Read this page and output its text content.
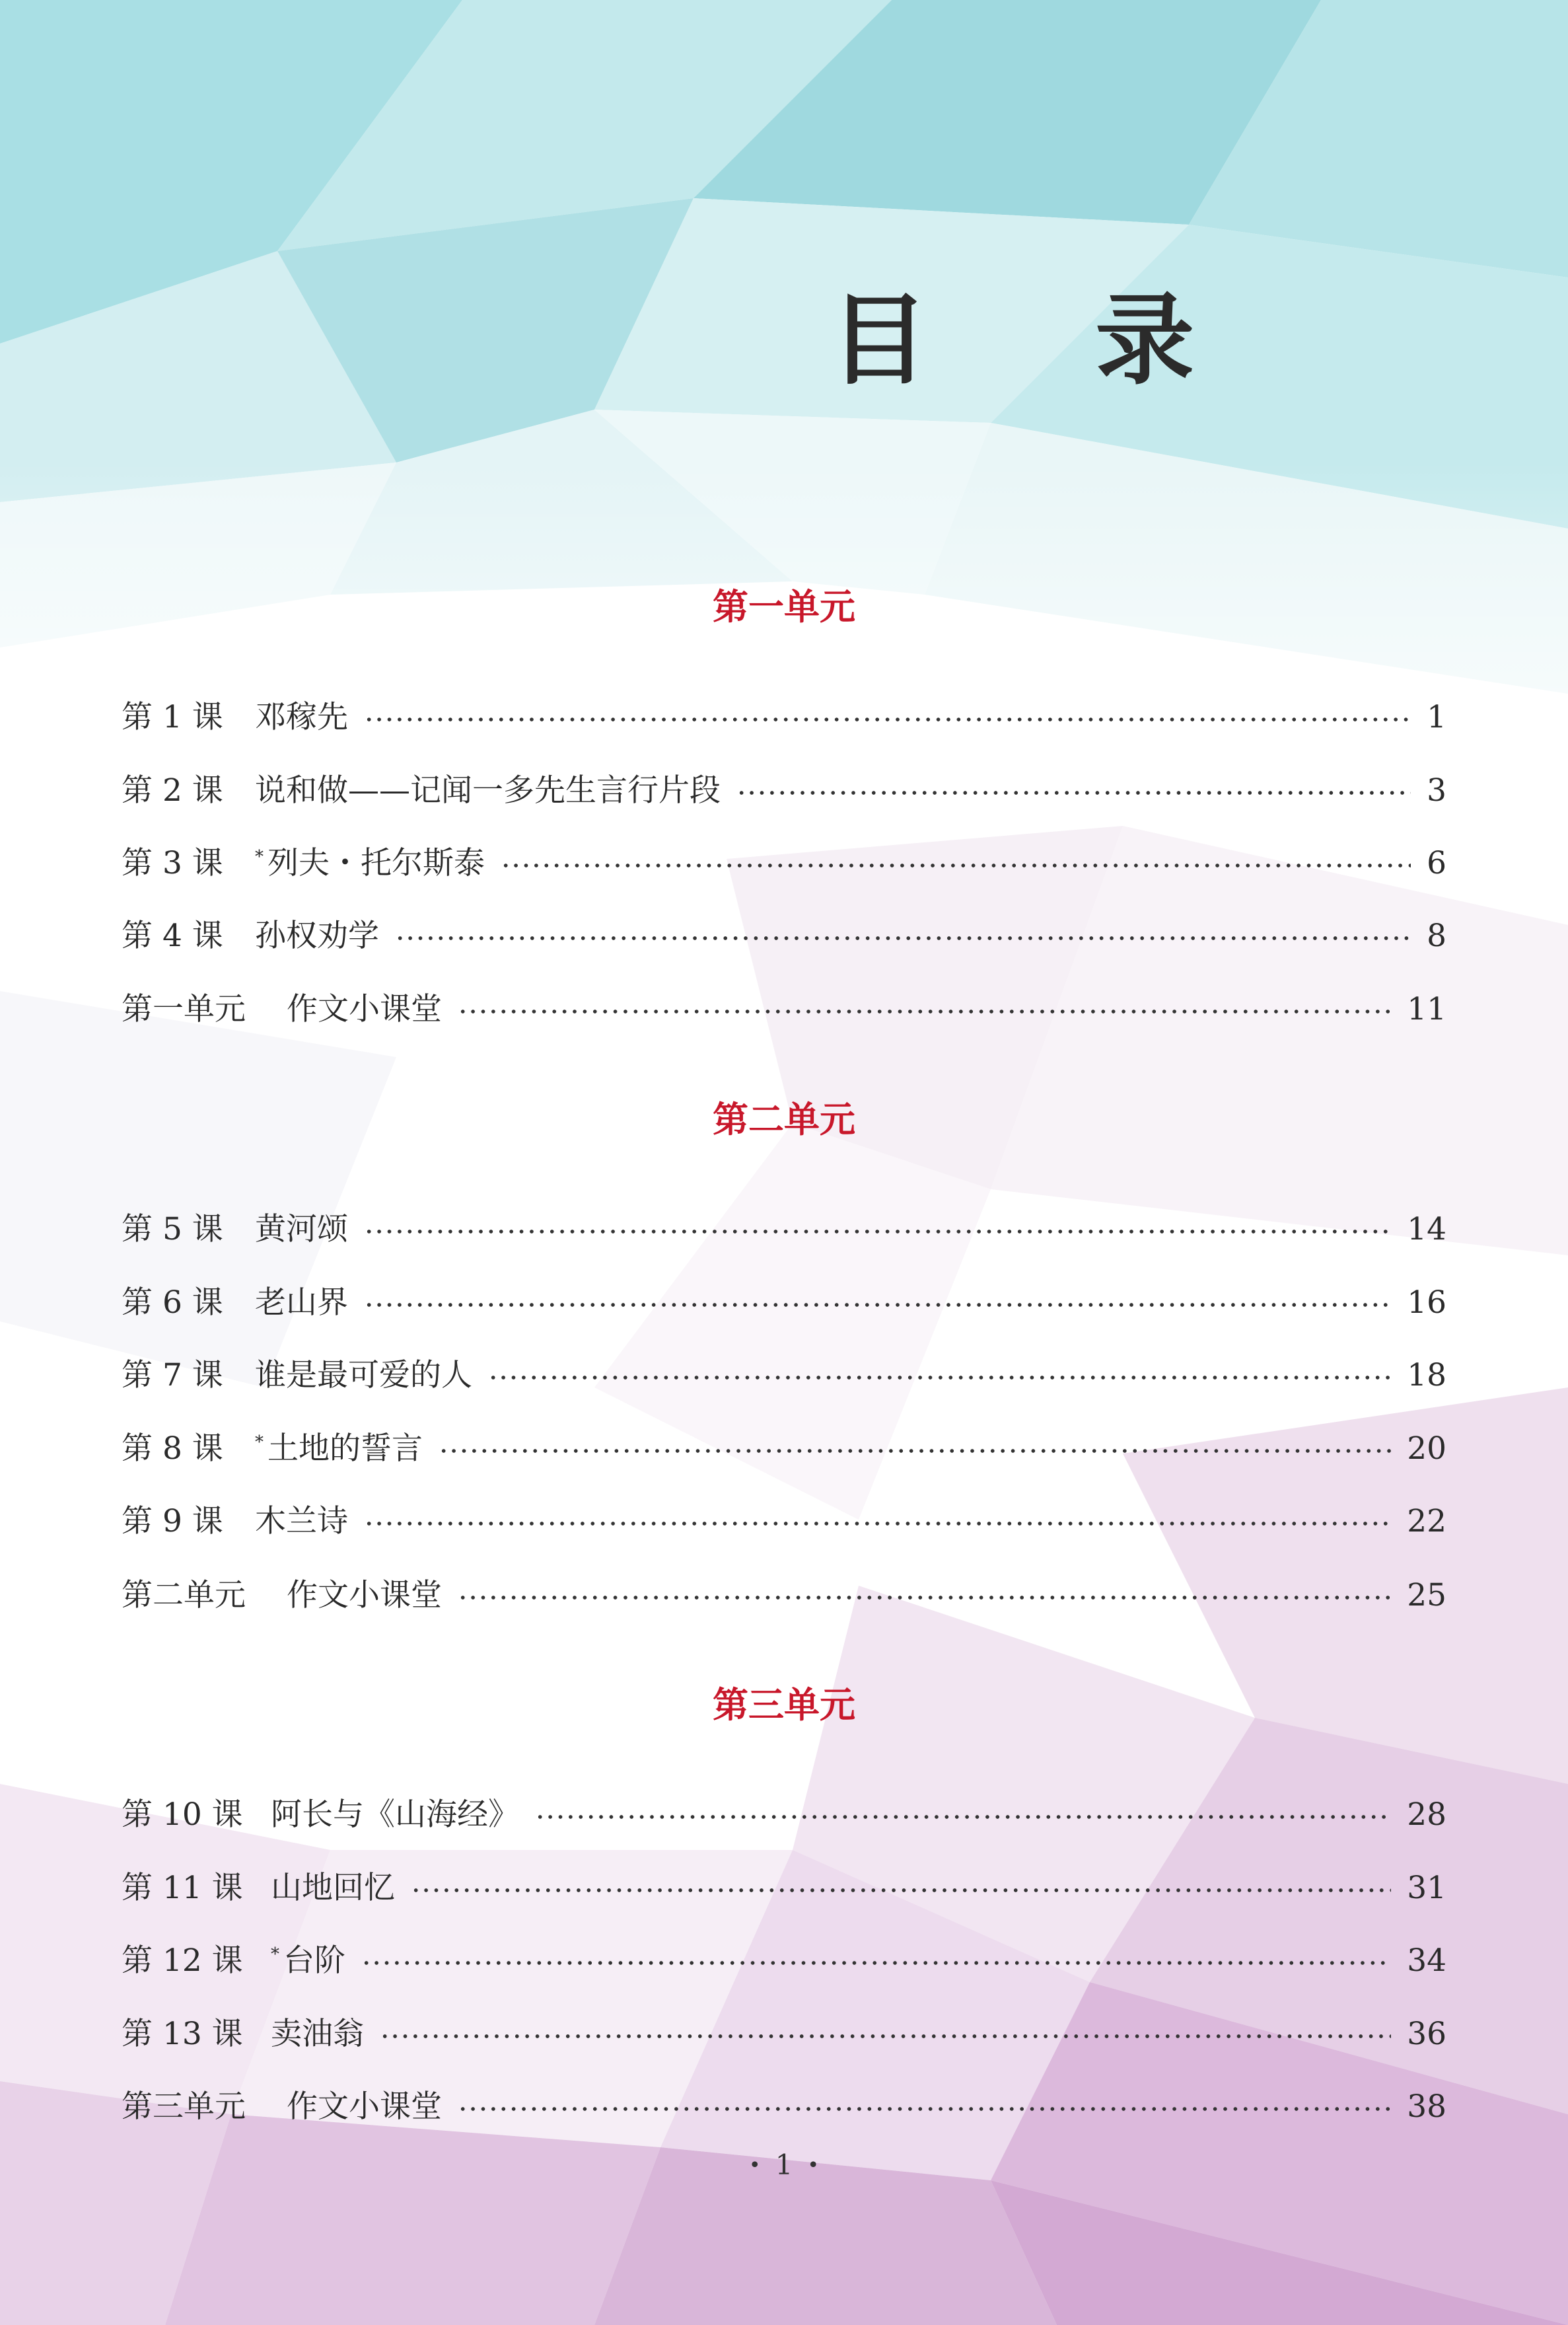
目 录
第一单元
第 1 课	邓稼先	1
第 2 课	说和做——记闻一多先生言行片段	3
第 3 课	* 列夫・托尔斯泰	6
第 4 课	孙权劝学	8
第一单元	作文小课堂	11
第二单元
第 5 课	黄河颂	14
第 6 课	老山界	16
第 7 课	谁是最可爱的人	18
第 8 课	* 土地的誓言	20
第 9 课	木兰诗	22
第二单元	作文小课堂	25
第三单元
第 10 课 阿长与《山海经》	28
第 11 课 山地回忆	31
第 12 课	* 台阶	34
第 13 课 卖油翁	36
第三单元	作文小课堂	38
• 1 •
